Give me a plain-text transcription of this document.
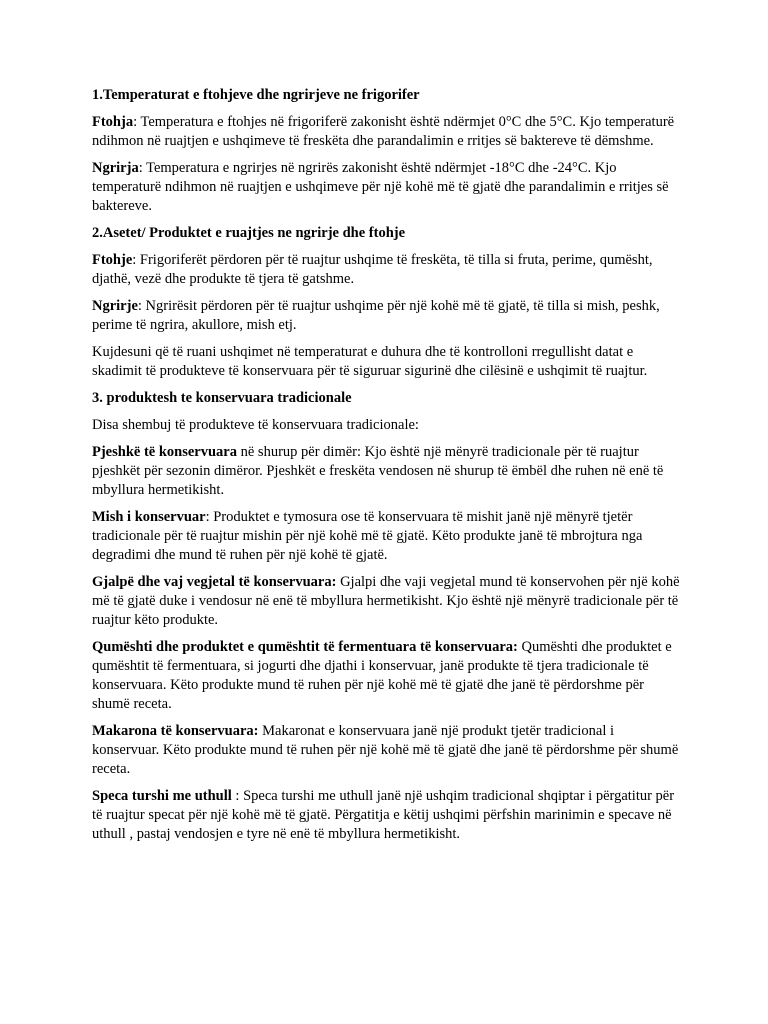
1.Temperaturat e ftohjeve dhe ngrirjeve ne frigorifer

Ftohja: Temperatura e ftohjes në frigoriferë zakonisht është ndërmjet 0°C dhe 5°C. Kjo temperaturë ndihmon në ruajtjen e ushqimeve të freskëta dhe parandalimin e rritjes së baktereve të dëmshme.

Ngrirja: Temperatura e ngrirjes në ngrirës zakonisht është ndërmjet -18°C dhe -24°C. Kjo temperaturë ndihmon në ruajtjen e ushqimeve për një kohë më të gjatë dhe parandalimin e rritjes së baktereve.

2.Asetet/ Produktet e ruajtjes ne ngrirje dhe ftohje

Ftohje: Frigoriferët përdoren për të ruajtur ushqime të freskëta, të tilla si fruta, perime, qumësht, djathë, vezë dhe produkte të tjera të gatshme.

Ngrirje: Ngrirësit përdoren për të ruajtur ushqime për një kohë më të gjatë, të tilla si mish, peshk, perime të ngrira, akullore, mish etj.

Kujdesuni që të ruani ushqimet në temperaturat e duhura dhe të kontrolloni rregullisht datat e skadimit të produkteve të konservuara për të siguruar sigurinë dhe cilësinë e ushqimit të ruajtur.

3. produktesh te konservuara tradicionale

Disa shembuj të produkteve të konservuara tradicionale:

Pjeshkë të konservuara në shurup për dimër: Kjo është një mënyrë tradicionale për të ruajtur pjeshkët për sezonin dimëror. Pjeshkët e freskëta vendosen në shurup të ëmbël dhe ruhen në enë të mbyllura hermetikisht.

Mish i konservuar: Produktet e tymosura ose të konservuara të mishit janë një mënyrë tjetër tradicionale për të ruajtur mishin për një kohë më të gjatë. Këto produkte janë të mbrojtura nga degradimi dhe mund të ruhen për një kohë të gjatë.

Gjalpë dhe vaj vegjetal të konservuara: Gjalpi dhe vaji vegjetal mund të konservohen për një kohë më të gjatë duke i vendosur në enë të mbyllura hermetikisht. Kjo është një mënyrë tradicionale për të ruajtur këto produkte.

Qumështi dhe produktet e qumështit të fermentuara të konservuara: Qumështi dhe produktet e qumështit të fermentuara, si jogurti dhe djathi i konservuar, janë produkte të tjera tradicionale të konservuara. Këto produkte mund të ruhen për një kohë më të gjatë dhe janë të përdorshme për shumë receta.

Makarona të konservuara: Makaronat e konservuara janë një produkt tjetër tradicional i konservuar. Këto produkte mund të ruhen për një kohë më të gjatë dhe janë të përdorshme për shumë receta.

Speca turshi me uthull : Speca turshi me uthull janë një ushqim tradicional shqiptar i përgatitur për të ruajtur specat për një kohë më të gjatë. Përgatitja e këtij ushqimi përfshin marinimin e specave në uthull , pastaj vendosjen e tyre në enë të mbyllura hermetikisht.
